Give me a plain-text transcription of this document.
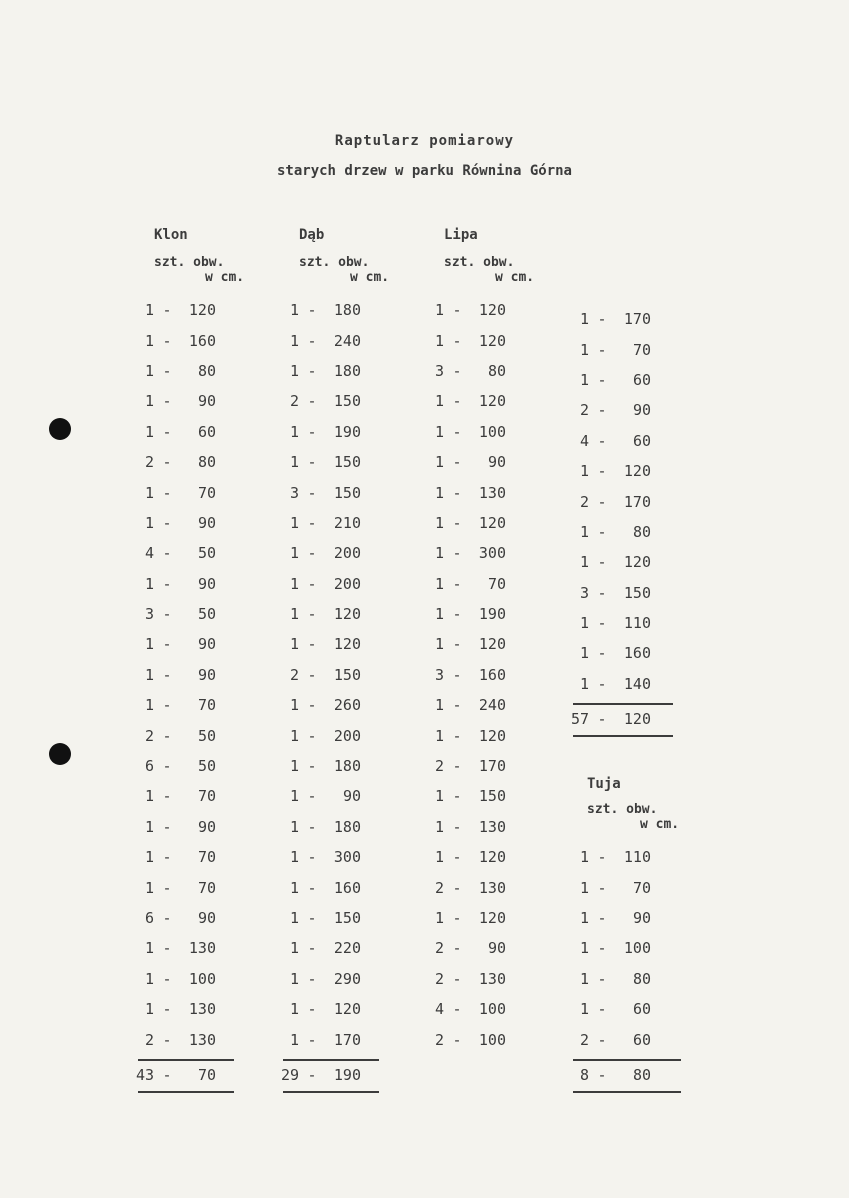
Raptularz pomiarowy
starych drzew w parku Równina Górna
Klon
szt. obw.
w cm.
1 -	120
1 -	160
1 -	80
1 -	90
1 -	60
2 -	80
1 -	70
1 -	90
4 -	50
1 -	90
3 -	50
1 -	90
1 -	90
1 -	70
2 -	50
6 -	50
1 -	70
1 -	90
1 -	70
1 -	70
6 -	90
1 -	130
1 -	100
1 -	130
2 -	130
43 -	70
Dąb
szt. obw.
w cm.
1 -	180
1 -	240
1 -	180
2 -	150
1 -	190
1 -	150
3 -	150
1 -	210
1 -	200
1 -	200
1 -	120
1 -	120
2 -	150
1 -	260
1 -	200
1 -	180
1 -	90
1 -	180
1 -	300
1 -	160
1 -	150
1 -	220
1 -	290
1 -	120
1 -	170
29 -	190
Lipa
szt. obw.
w cm.
1 -	120
1 -	120
3 -	80
1 -	120
1 -	100
1 -	90
1 -	130
1 -	120
1 -	300
1 -	70
1 -	190
1 -	120
3 -	160
1 -	240
1 -	120
2 -	170
1 -	150
1 -	130
1 -	120
2 -	130
1 -	120
2 -	90
2 -	130
4 -	100
2 -	100
1 -	170
1 -	70
1 -	60
2 -	90
4 -	60
1 -	120
2 -	170
1 -	80
1 -	120
3 -	150
1 -	110
1 -	160
1 -	140
57 -	120
Tuja
szt. obw.
w cm.
1 -	110
1 -	70
1 -	90
1 -	100
1 -	80
1 -	60
2 -	60
8 -	80
